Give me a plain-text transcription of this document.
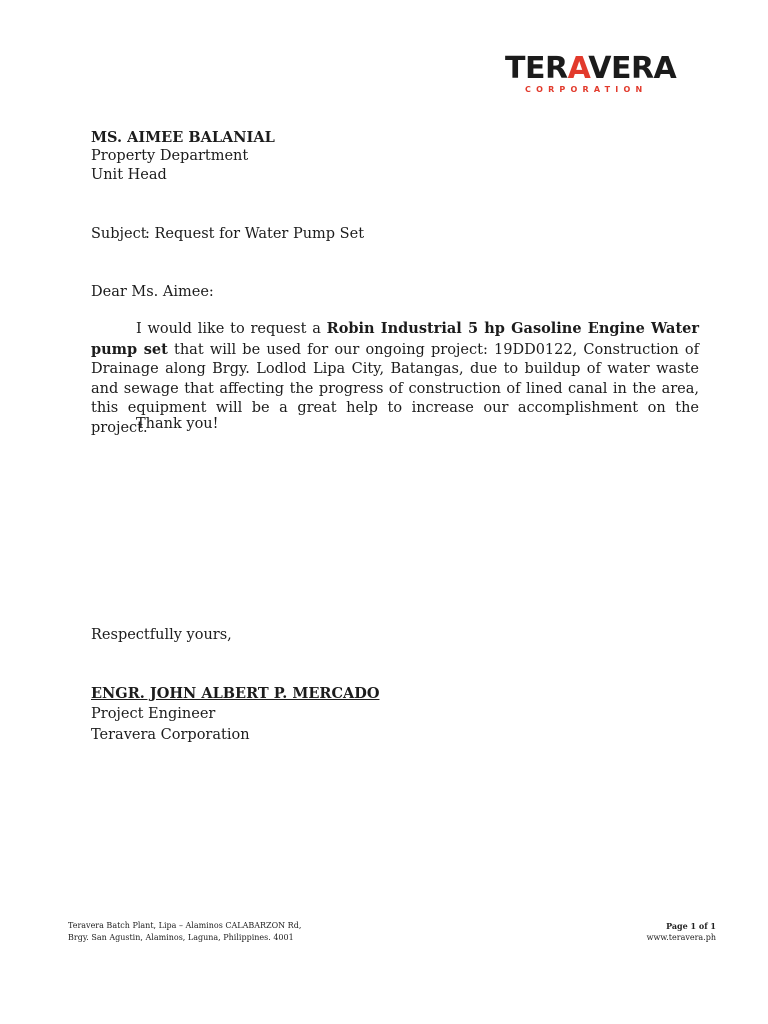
TERAVERA
CORPORATION
MS. AIMEE BALANIAL
Property Department
Unit Head
Subject: Request for Water Pump Set
Dear Ms. Aimee:
I would like to request a Robin Industrial 5 hp Gasoline Engine Water pump set that will be used for our ongoing project: 19DD0122, Construction of Drainage along Brgy. Lodlod Lipa City, Batangas, due to buildup of water waste and sewage that affecting the progress of construction of lined canal in the area, this equipment will be a great help to increase our accomplishment on the project.
Thank you!
Respectfully yours,
ENGR. JOHN ALBERT P. MERCADO
Project Engineer
Teravera Corporation
Teravera Batch Plant, Lipa – Alaminos CALABARZON Rd,
Brgy. San Agustin, Alaminos, Laguna, Philippines. 4001
Page 1 of 1
www.teravera.ph
